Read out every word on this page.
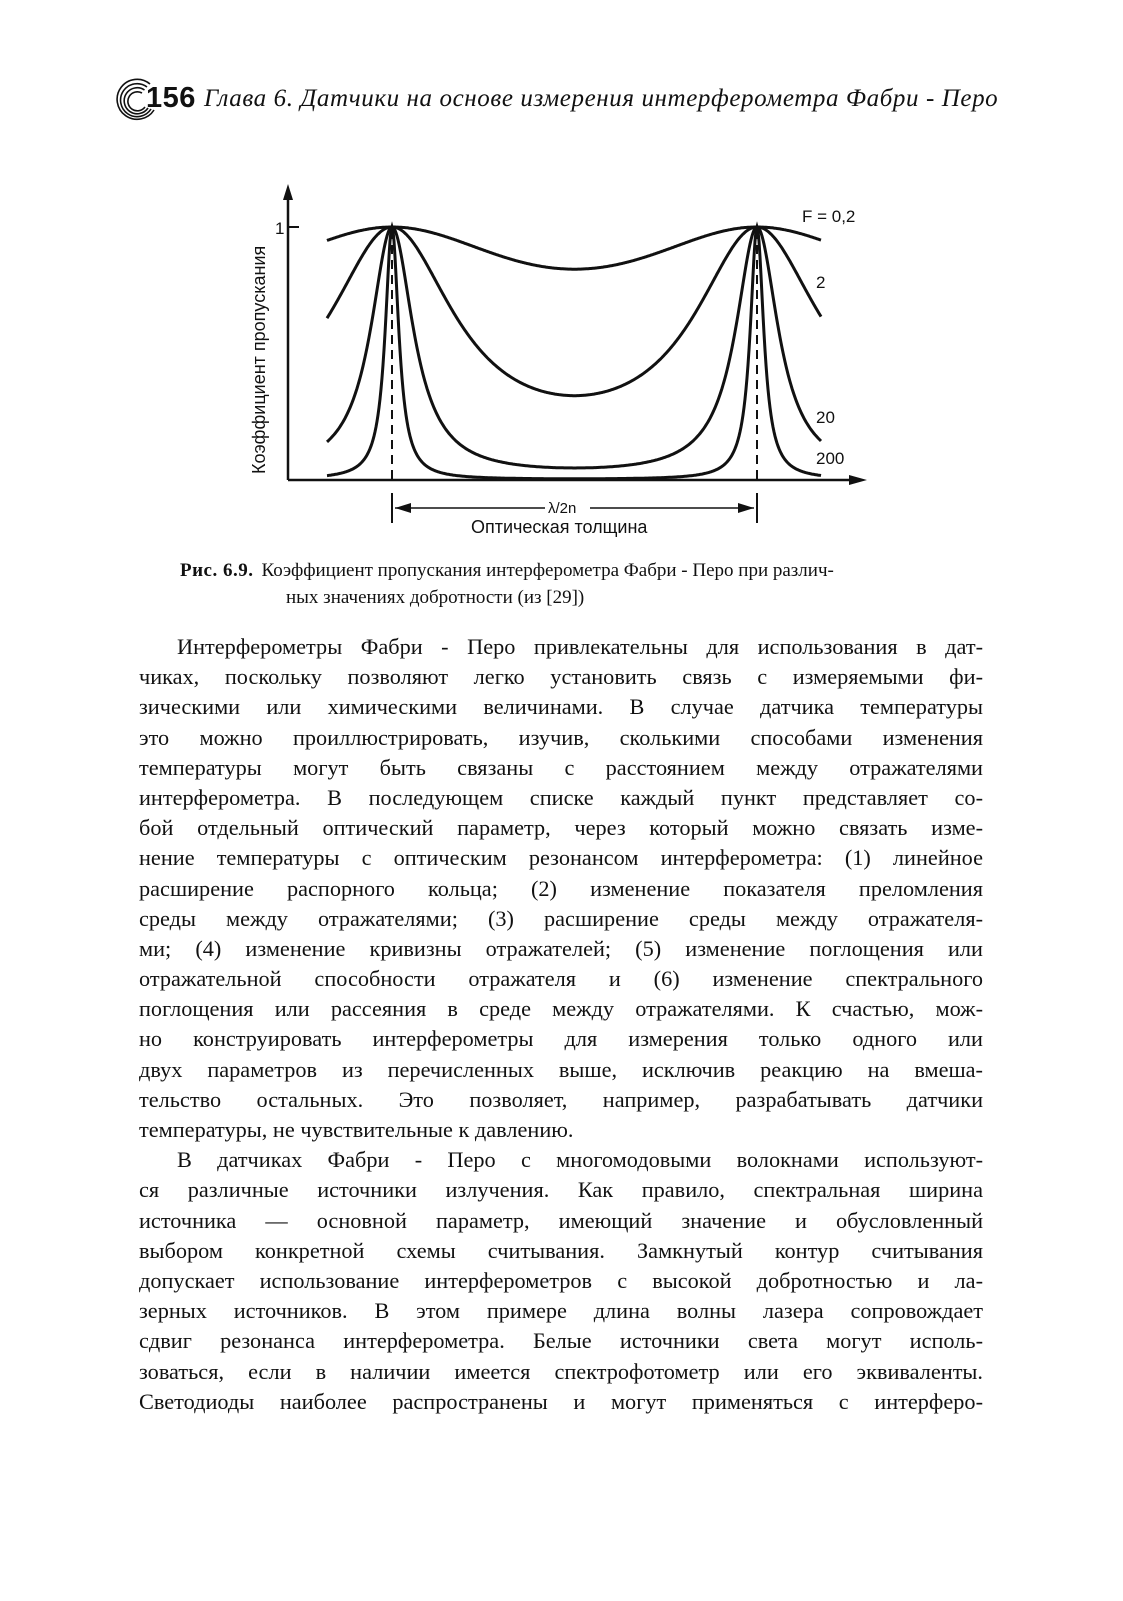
156 Глава 6. Датчики на основе измерения интерферометра Фабри - Перо
1
Коэффициент пропускания
F = 0,2
2
20
200
λ/2n
Оптическая толщина
Рис. 6.9. Коэффициент пропускания интерферометра Фабри - Перо при различ-
ных значениях добротности (из [29])
Интерферометры Фабри - Перо привлекательны для использования в дат-
чиках, поскольку позволяют легко установить связь с измеряемыми фи-
зическими или химическими величинами. В случае датчика температуры
это можно проиллюстрировать, изучив, сколькими способами изменения
температуры могут быть связаны с расстоянием между отражателями
интерферометра. В последующем списке каждый пункт представляет со-
бой отдельный оптический параметр, через который можно связать изме-
нение температуры с оптическим резонансом интерферометра: (1) линейное
расширение распорного кольца; (2) изменение показателя преломления
среды между отражателями; (3) расширение среды между отражателя-
ми; (4) изменение кривизны отражателей; (5) изменение поглощения или
отражательной способности отражателя и (6) изменение спектрального
поглощения или рассеяния в среде между отражателями. К счастью, мож-
но конструировать интерферометры для измерения только одного или
двух параметров из перечисленных выше, исключив реакцию на вмеша-
тельство остальных. Это позволяет, например, разрабатывать датчики
температуры, не чувствительные к давлению.
В датчиках Фабри - Перо с многомодовыми волокнами используют-
ся различные источники излучения. Как правило, спектральная ширина
источника — основной параметр, имеющий значение и обусловленный
выбором конкретной схемы считывания. Замкнутый контур считывания
допускает использование интерферометров с высокой добротностью и ла-
зерных источников. В этом примере длина волны лазера сопровождает
сдвиг резонанса интерферометра. Белые источники света могут исполь-
зоваться, если в наличии имеется спектрофотометр или его эквиваленты.
Светодиоды наиболее распространены и могут применяться с интерферо-
